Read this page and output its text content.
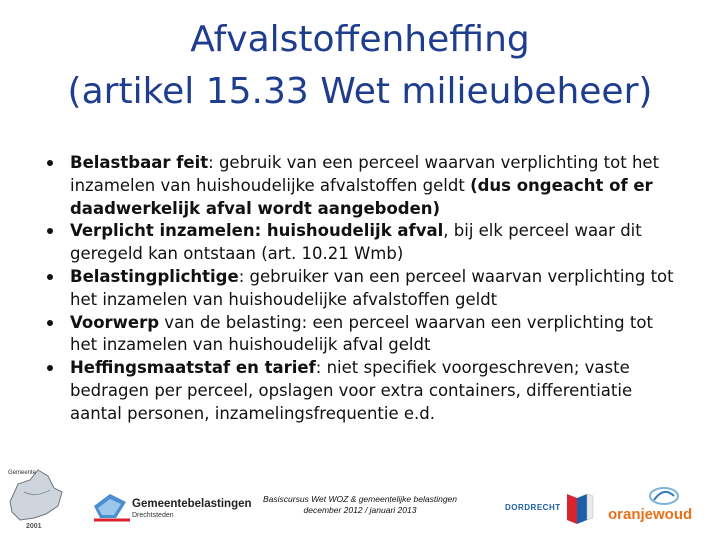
Afvalstoffenheffing
(artikel 15.33 Wet milieubeheer)
Belastbaar feit: gebruik van een perceel waarvan verplichting tot het inzamelen van huishoudelijke afvalstoffen geldt (dus ongeacht of er daadwerkelijk afval wordt aangeboden)
Verplicht inzamelen: huishoudelijk afval, bij elk perceel waar dit geregeld kan ontstaan (art. 10.21 Wmb)
Belastingplichtige: gebruiker van een perceel waarvan verplichting tot het inzamelen van huishoudelijke afvalstoffen geldt
Voorwerp van de belasting: een perceel waarvan een verplichting tot het inzamelen van huishoudelijk afval geldt
Heffingsmaatstaf en tarief: niet specifiek voorgeschreven; vaste bedragen per perceel, opslagen voor extra containers, differentiatie aantal personen, inzamelingsfrequentie e.d.
Gemeente
2001
Gemeentebelastingen
Drechtsteden
Basiscursus Wet WOZ & gemeentelijke belastingen
december 2012 / januari 2013	DORDRECHT	oranjewoud
